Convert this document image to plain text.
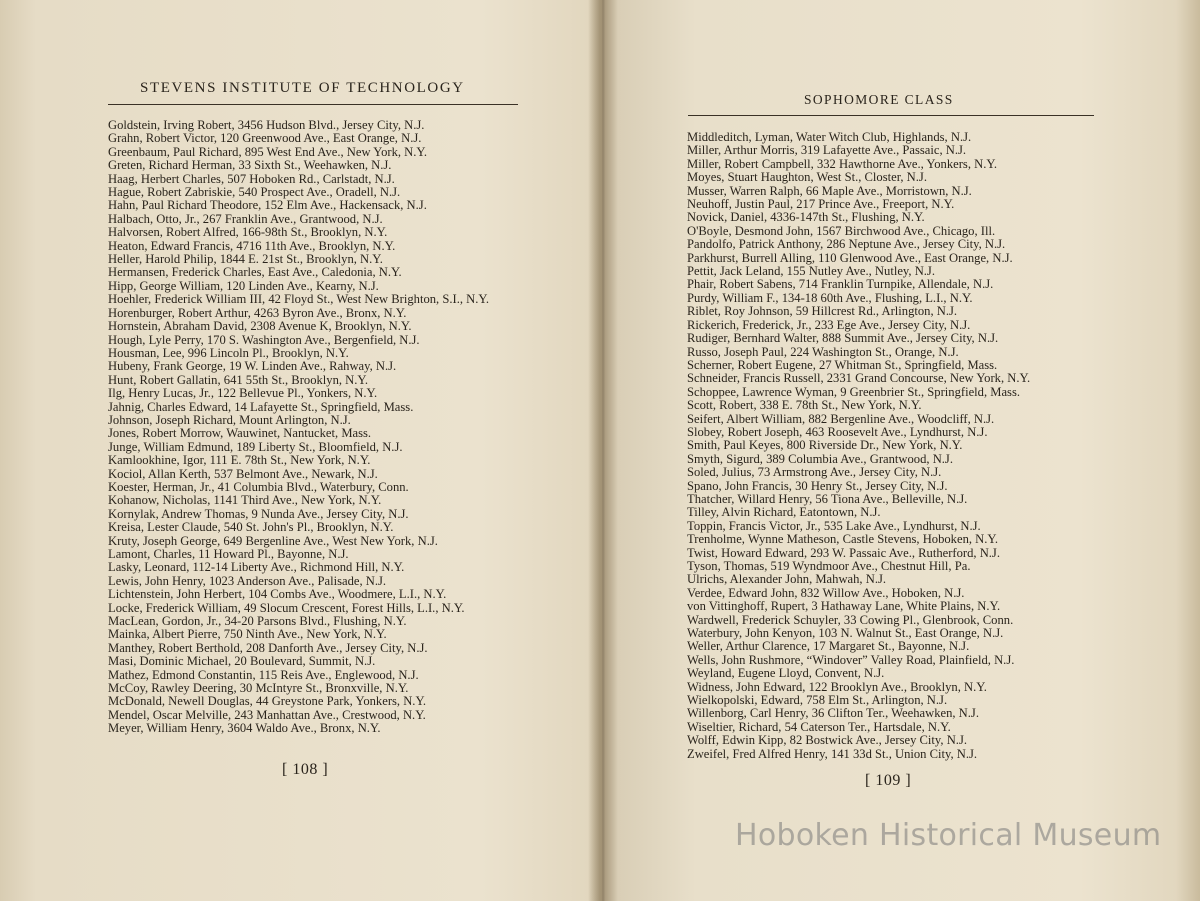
STEVENS INSTITUTE OF TECHNOLOGY
Goldstein, Irving Robert, 3456 Hudson Blvd., Jersey City, N.J.
Grahn, Robert Victor, 120 Greenwood Ave., East Orange, N.J.
Greenbaum, Paul Richard, 895 West End Ave., New York, N.Y.
Greten, Richard Herman, 33 Sixth St., Weehawken, N.J.
Haag, Herbert Charles, 507 Hoboken Rd., Carlstadt, N.J.
Hague, Robert Zabriskie, 540 Prospect Ave., Oradell, N.J.
Hahn, Paul Richard Theodore, 152 Elm Ave., Hackensack, N.J.
Halbach, Otto, Jr., 267 Franklin Ave., Grantwood, N.J.
Halvorsen, Robert Alfred, 166-98th St., Brooklyn, N.Y.
Heaton, Edward Francis, 4716 11th Ave., Brooklyn, N.Y.
Heller, Harold Philip, 1844 E. 21st St., Brooklyn, N.Y.
Hermansen, Frederick Charles, East Ave., Caledonia, N.Y.
Hipp, George William, 120 Linden Ave., Kearny, N.J.
Hoehler, Frederick William III, 42 Floyd St., West New Brighton, S.I., N.Y.
Horenburger, Robert Arthur, 4263 Byron Ave., Bronx, N.Y.
Hornstein, Abraham David, 2308 Avenue K, Brooklyn, N.Y.
Hough, Lyle Perry, 170 S. Washington Ave., Bergenfield, N.J.
Housman, Lee, 996 Lincoln Pl., Brooklyn, N.Y.
Hubeny, Frank George, 19 W. Linden Ave., Rahway, N.J.
Hunt, Robert Gallatin, 641 55th St., Brooklyn, N.Y.
Ilg, Henry Lucas, Jr., 122 Bellevue Pl., Yonkers, N.Y.
Jahnig, Charles Edward, 14 Lafayette St., Springfield, Mass.
Johnson, Joseph Richard, Mount Arlington, N.J.
Jones, Robert Morrow, Wauwinet, Nantucket, Mass.
Junge, William Edmund, 189 Liberty St., Bloomfield, N.J.
Kamlookhine, Igor, 111 E. 78th St., New York, N.Y.
Kociol, Allan Kerth, 537 Belmont Ave., Newark, N.J.
Koester, Herman, Jr., 41 Columbia Blvd., Waterbury, Conn.
Kohanow, Nicholas, 1141 Third Ave., New York, N.Y.
Kornylak, Andrew Thomas, 9 Nunda Ave., Jersey City, N.J.
Kreisa, Lester Claude, 540 St. John's Pl., Brooklyn, N.Y.
Kruty, Joseph George, 649 Bergenline Ave., West New York, N.J.
Lamont, Charles, 11 Howard Pl., Bayonne, N.J.
Lasky, Leonard, 112-14 Liberty Ave., Richmond Hill, N.Y.
Lewis, John Henry, 1023 Anderson Ave., Palisade, N.J.
Lichtenstein, John Herbert, 104 Combs Ave., Woodmere, L.I., N.Y.
Locke, Frederick William, 49 Slocum Crescent, Forest Hills, L.I., N.Y.
MacLean, Gordon, Jr., 34-20 Parsons Blvd., Flushing, N.Y.
Mainka, Albert Pierre, 750 Ninth Ave., New York, N.Y.
Manthey, Robert Berthold, 208 Danforth Ave., Jersey City, N.J.
Masi, Dominic Michael, 20 Boulevard, Summit, N.J.
Mathez, Edmond Constantin, 115 Reis Ave., Englewood, N.J.
McCoy, Rawley Deering, 30 McIntyre St., Bronxville, N.Y.
McDonald, Newell Douglas, 44 Greystone Park, Yonkers, N.Y.
Mendel, Oscar Melville, 243 Manhattan Ave., Crestwood, N.Y.
Meyer, William Henry, 3604 Waldo Ave., Bronx, N.Y.
[ 108 ]
SOPHOMORE CLASS
Middleditch, Lyman, Water Witch Club, Highlands, N.J.
Miller, Arthur Morris, 319 Lafayette Ave., Passaic, N.J.
Miller, Robert Campbell, 332 Hawthorne Ave., Yonkers, N.Y.
Moyes, Stuart Haughton, West St., Closter, N.J.
Musser, Warren Ralph, 66 Maple Ave., Morristown, N.J.
Neuhoff, Justin Paul, 217 Prince Ave., Freeport, N.Y.
Novick, Daniel, 4336-147th St., Flushing, N.Y.
O'Boyle, Desmond John, 1567 Birchwood Ave., Chicago, Ill.
Pandolfo, Patrick Anthony, 286 Neptune Ave., Jersey City, N.J.
Parkhurst, Burrell Alling, 110 Glenwood Ave., East Orange, N.J.
Pettit, Jack Leland, 155 Nutley Ave., Nutley, N.J.
Phair, Robert Sabens, 714 Franklin Turnpike, Allendale, N.J.
Purdy, William F., 134-18 60th Ave., Flushing, L.I., N.Y.
Riblet, Roy Johnson, 59 Hillcrest Rd., Arlington, N.J.
Rickerich, Frederick, Jr., 233 Ege Ave., Jersey City, N.J.
Rudiger, Bernhard Walter, 888 Summit Ave., Jersey City, N.J.
Russo, Joseph Paul, 224 Washington St., Orange, N.J.
Scherner, Robert Eugene, 27 Whitman St., Springfield, Mass.
Schneider, Francis Russell, 2331 Grand Concourse, New York, N.Y.
Schoppee, Lawrence Wyman, 9 Greenbrier St., Springfield, Mass.
Scott, Robert, 338 E. 78th St., New York, N.Y.
Seifert, Albert William, 882 Bergenline Ave., Woodcliff, N.J.
Slobey, Robert Joseph, 463 Roosevelt Ave., Lyndhurst, N.J.
Smith, Paul Keyes, 800 Riverside Dr., New York, N.Y.
Smyth, Sigurd, 389 Columbia Ave., Grantwood, N.J.
Soled, Julius, 73 Armstrong Ave., Jersey City, N.J.
Spano, John Francis, 30 Henry St., Jersey City, N.J.
Thatcher, Willard Henry, 56 Tiona Ave., Belleville, N.J.
Tilley, Alvin Richard, Eatontown, N.J.
Toppin, Francis Victor, Jr., 535 Lake Ave., Lyndhurst, N.J.
Trenholme, Wynne Matheson, Castle Stevens, Hoboken, N.Y.
Twist, Howard Edward, 293 W. Passaic Ave., Rutherford, N.J.
Tyson, Thomas, 519 Wyndmoor Ave., Chestnut Hill, Pa.
Ulrichs, Alexander John, Mahwah, N.J.
Verdee, Edward John, 832 Willow Ave., Hoboken, N.J.
von Vittinghoff, Rupert, 3 Hathaway Lane, White Plains, N.Y.
Wardwell, Frederick Schuyler, 33 Cowing Pl., Glenbrook, Conn.
Waterbury, John Kenyon, 103 N. Walnut St., East Orange, N.J.
Weller, Arthur Clarence, 17 Margaret St., Bayonne, N.J.
Wells, John Rushmore, “Windover” Valley Road, Plainfield, N.J.
Weyland, Eugene Lloyd, Convent, N.J.
Widness, John Edward, 122 Brooklyn Ave., Brooklyn, N.Y.
Wielkopolski, Edward, 758 Elm St., Arlington, N.J.
Willenborg, Carl Henry, 36 Clifton Ter., Weehawken, N.J.
Wiseltier, Richard, 54 Caterson Ter., Hartsdale, N.Y.
Wolff, Edwin Kipp, 82 Bostwick Ave., Jersey City, N.J.
Zweifel, Fred Alfred Henry, 141 33d St., Union City, N.J.
[ 109 ]
Hoboken Historical Museum
